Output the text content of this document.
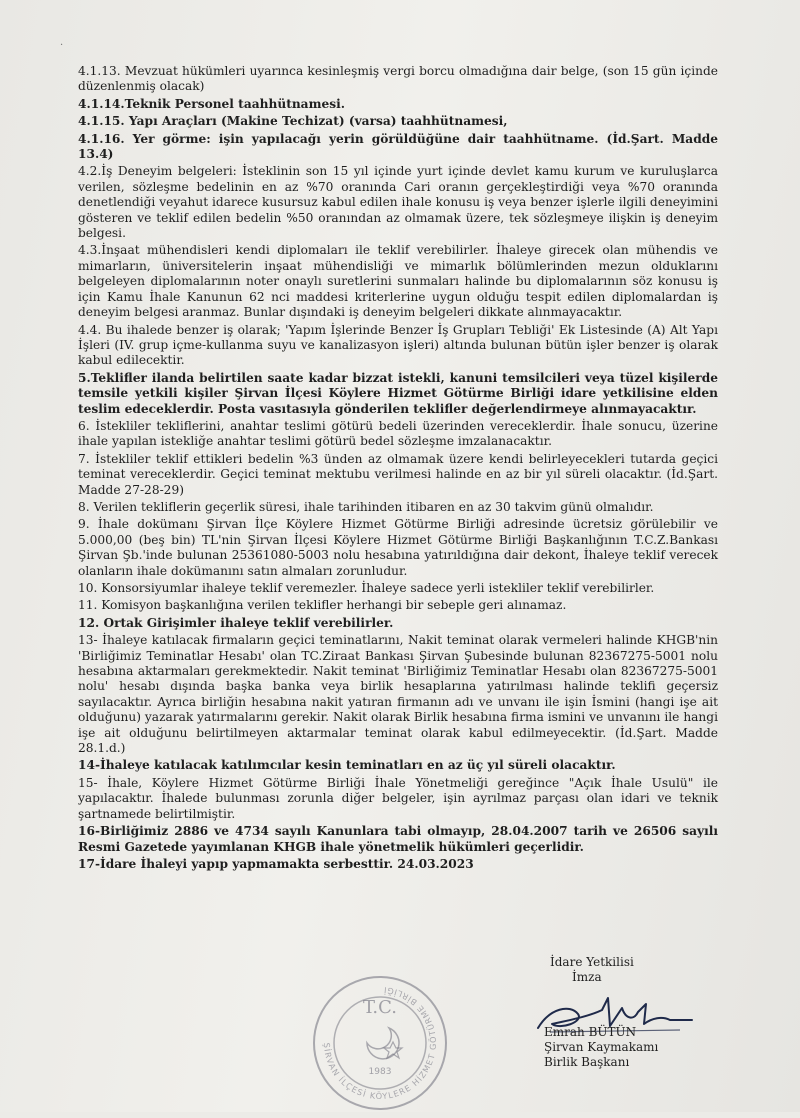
·

4.1.13. Mevzuat hükümleri uyarınca kesinleşmiş vergi borcu olmadığına dair belge, (son 15 gün içinde düzenlenmiş olacak)

4.1.14.Teknik Personel taahhütnamesi.

4.1.15. Yapı Araçları (Makine Techizat) (varsa) taahhütnamesi,

4.1.16. Yer görme: işin yapılacağı yerin görüldüğüne dair taahhütname. (İd.Şart. Madde 13.4)

4.2.İş Deneyim belgeleri: İsteklinin son 15 yıl içinde yurt içinde devlet kamu kurum ve kuruluşlarca verilen, sözleşme bedelinin en az %70 oranında Cari oranın gerçekleştirdiği veya %70 oranında denetlendiği veyahut idarece kusursuz kabul edilen ihale konusu iş veya benzer işlerle ilgili deneyimini gösteren ve teklif edilen bedelin %50 oranından az olmamak üzere, tek sözleşmeye ilişkin iş deneyim belgesi.

4.3.İnşaat mühendisleri kendi diplomaları ile teklif verebilirler. İhaleye girecek olan mühendis ve mimarların, üniversitelerin inşaat mühendisliği ve mimarlık bölümlerinden mezun olduklarını belgeleyen diplomalarının noter onaylı suretlerini sunmaları halinde bu diplomalarının söz konusu iş için Kamu İhale Kanunun 62 nci maddesi kriterlerine uygun olduğu tespit edilen diplomalardan iş deneyim belgesi aranmaz. Bunlar dışındaki iş deneyim belgeleri dikkate alınmayacaktır.

4.4. Bu ihalede benzer iş olarak; 'Yapım İşlerinde Benzer İş Grupları Tebliği' Ek Listesinde (A) Alt Yapı İşleri (IV. grup içme-kullanma suyu ve kanalizasyon işleri) altında bulunan bütün işler benzer iş olarak kabul edilecektir.

5.Teklifler ilanda belirtilen saate kadar bizzat istekli, kanuni temsilcileri veya tüzel kişilerde temsile yetkili kişiler Şirvan İlçesi Köylere Hizmet Götürme Birliği idare yetkilisine elden teslim edeceklerdir. Posta vasıtasıyla gönderilen teklifler değerlendirmeye alınmayacaktır.

6. İstekliler tekliflerini, anahtar teslimi götürü bedeli üzerinden vereceklerdir. İhale sonucu, üzerine ihale yapılan istekliğe anahtar teslimi götürü bedel sözleşme imzalanacaktır.

7. İstekliler teklif ettikleri bedelin %3 ünden az olmamak üzere kendi belirleyecekleri tutarda geçici teminat vereceklerdir. Geçici teminat mektubu verilmesi halinde en az bir yıl süreli olacaktır. (İd.Şart. Madde 27-28-29)

8. Verilen tekliflerin geçerlik süresi, ihale tarihinden itibaren en az 30 takvim günü olmalıdır.

9. İhale dokümanı Şirvan İlçe Köylere Hizmet Götürme Birliği adresinde ücretsiz görülebilir ve 5.000,00 (beş bin) TL'nin Şirvan İlçesi Köylere Hizmet Götürme Birliği Başkanlığının T.C.Z.Bankası Şirvan Şb.'inde bulunan 25361080-5003 nolu hesabına yatırıldığına dair dekont, İhaleye teklif verecek olanların ihale dokümanını satın almaları zorunludur.

10. Konsorsiyumlar ihaleye teklif veremezler. İhaleye sadece yerli istekliler teklif verebilirler.

11. Komisyon başkanlığına verilen teklifler herhangi bir sebeple geri alınamaz.

12. Ortak Girişimler ihaleye teklif verebilirler.

13- İhaleye katılacak firmaların geçici teminatlarını, Nakit teminat olarak vermeleri halinde KHGB'nin 'Birliğimiz Teminatlar Hesabı' olan TC.Ziraat Bankası Şirvan Şubesinde bulunan 82367275-5001 nolu hesabına aktarmaları gerekmektedir. Nakit teminat 'Birliğimiz Teminatlar Hesabı olan 82367275-5001 nolu' hesabı dışında başka banka veya birlik hesaplarına yatırılması halinde teklifi geçersiz sayılacaktır. Ayrıca birliğin hesabına nakit yatıran firmanın adı ve unvanı ile işin İsmini (hangi işe ait olduğunu) yazarak yatırmalarını gerekir. Nakit olarak Birlik hesabına firma ismini ve unvanını ile hangi işe ait olduğunu belirtilmeyen aktarmalar teminat olarak kabul edilmeyecektir. (İd.Şart. Madde 28.1.d.)

14-İhaleye katılacak katılımcılar kesin teminatları en az üç yıl süreli olacaktır.

15- İhale, Köylere Hizmet Götürme Birliği İhale Yönetmeliği gereğince "Açık İhale Usulü" ile yapılacaktır. İhalede bulunması zorunla diğer belgeler, işin ayrılmaz parçası olan idari ve teknik şartnamede belirtilmiştir.

16-Birliğimiz 2886 ve 4734 sayılı Kanunlara tabi olmayıp, 28.04.2007 tarih ve 26506 sayılı Resmi Gazetede yayımlanan KHGB ihale yönetmelik hükümleri geçerlidir.

17-İdare İhaleyi yapıp yapmamakta serbesttir. 24.03.2023

T.C.
1983
ŞİRVAN İLÇESİ KÖYLERE HİZMET GÖTÜRME BİRLİĞİ
İdare Yetkilisi
İmza
Emrah BÜTÜN
Şirvan Kaymakamı
Birlik Başkanı
